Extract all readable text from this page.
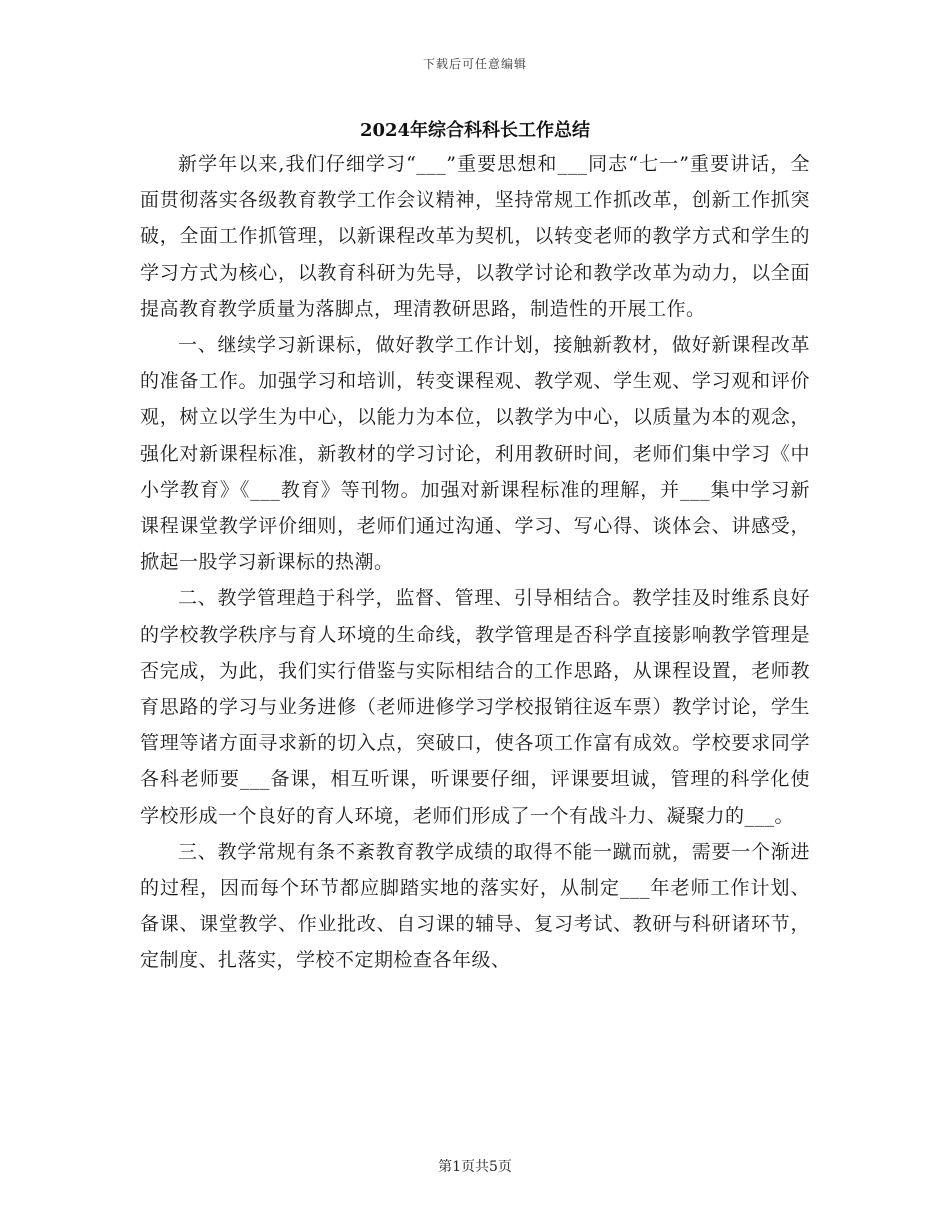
下载后可任意编辑
2024年综合科科长工作总结

新学年以来,我们仔细学习“___”重要思想和___同志“七一”重要讲话，全面贯彻落实各级教育教学工作会议精神，坚持常规工作抓改革，创新工作抓突破，全面工作抓管理，以新课程改革为契机，以转变老师的教学方式和学生的学习方式为核心，以教育科研为先导，以教学讨论和教学改革为动力，以全面提高教育教学质量为落脚点，理清教研思路，制造性的开展工作。

一、继续学习新课标，做好教学工作计划，接触新教材，做好新课程改革的准备工作。加强学习和培训，转变课程观、教学观、学生观、学习观和评价观，树立以学生为中心，以能力为本位，以教学为中心，以质量为本的观念，强化对新课程标准，新教材的学习讨论，利用教研时间，老师们集中学习《中小学教育》《___教育》等刊物。加强对新课程标准的理解，并___集中学习新课程课堂教学评价细则，老师们通过沟通、学习、写心得、谈体会、讲感受，掀起一股学习新课标的热潮。

二、教学管理趋于科学，监督、管理、引导相结合。教学挂及时维系良好的学校教学秩序与育人环境的生命线，教学管理是否科学直接影响教学管理是否完成，为此，我们实行借鉴与实际相结合的工作思路，从课程设置，老师教育思路的学习与业务进修（老师进修学习学校报销往返车票）教学讨论，学生管理等诸方面寻求新的切入点，突破口，使各项工作富有成效。学校要求同学各科老师要___备课，相互听课，听课要仔细，评课要坦诚，管理的科学化使学校形成一个良好的育人环境，老师们形成了一个有战斗力、凝聚力的___。

三、教学常规有条不紊教育教学成绩的取得不能一蹴而就，需要一个渐进的过程，因而每个环节都应脚踏实地的落实好，从制定___年老师工作计划、备课、课堂教学、作业批改、自习课的辅导、复习考试、教研与科研诸环节，定制度、扎落实，学校不定期检查各年级、

第1页共5页
